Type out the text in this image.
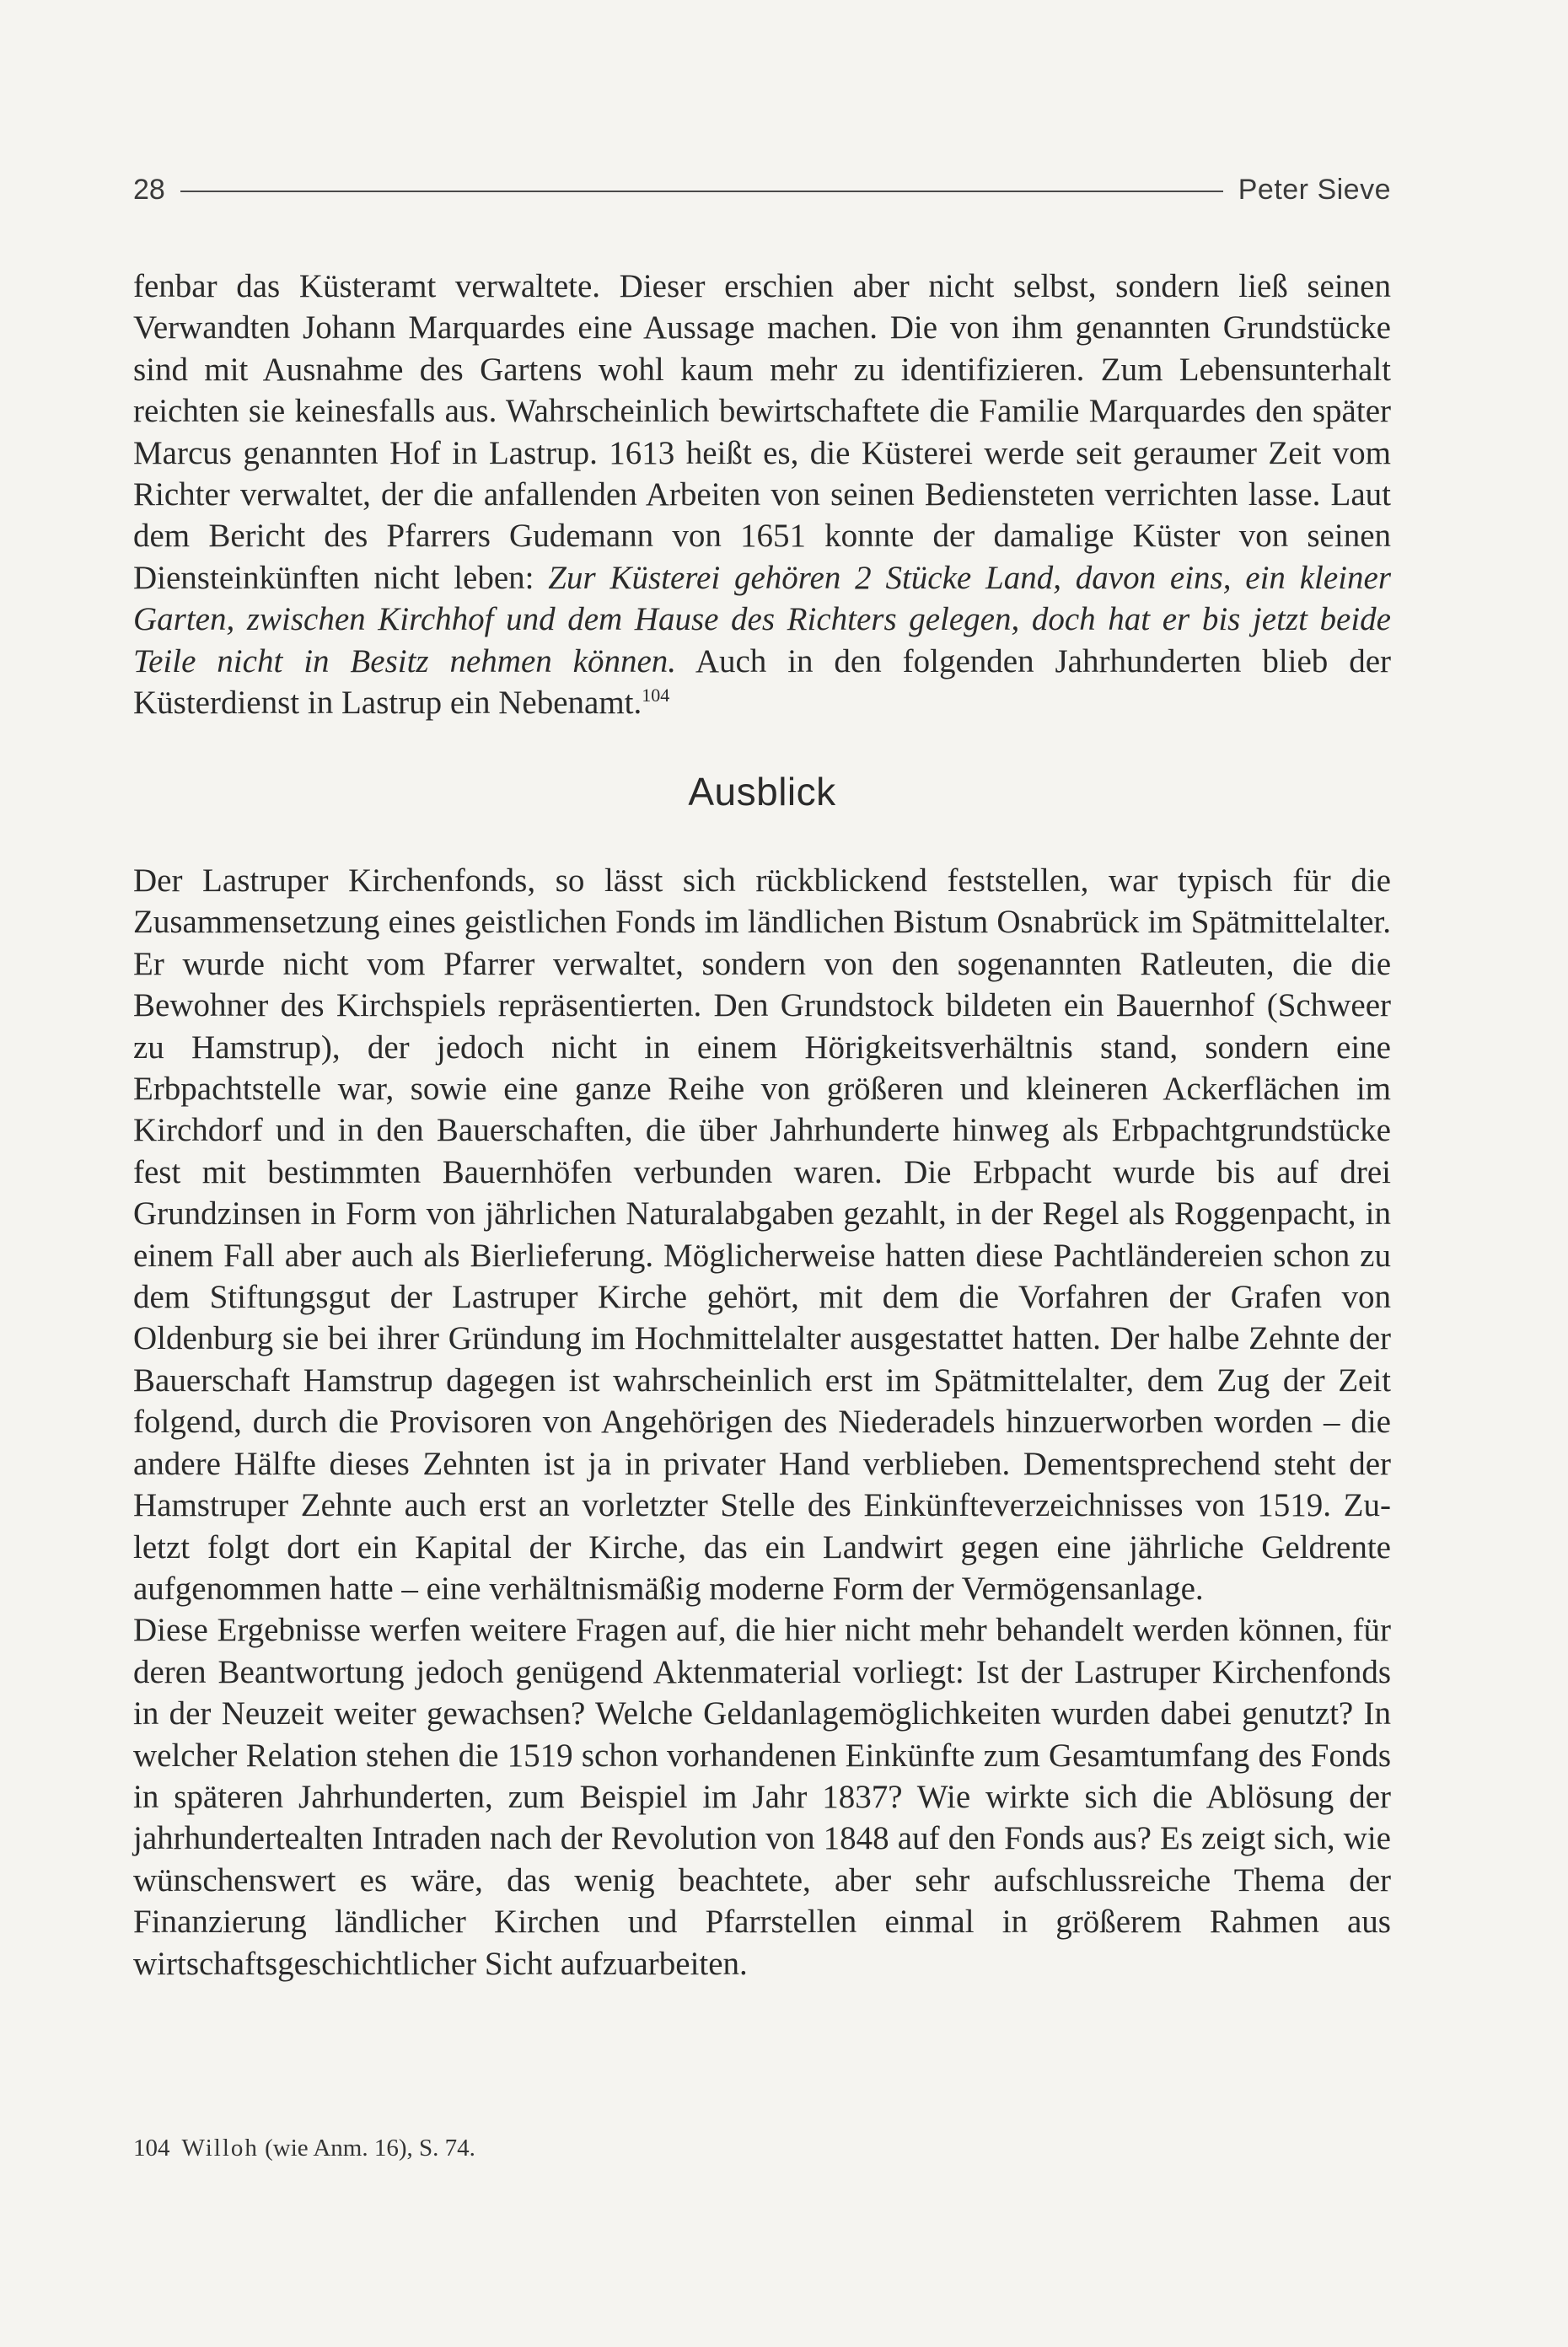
28	Peter Sieve

fenbar das Küsteramt verwaltete. Dieser erschien aber nicht selbst, sondern ließ seinen Verwandten Johann Marquardes eine Aussage machen. Die von ihm genannten Grundstücke sind mit Ausnahme des Gartens wohl kaum mehr zu identifizieren. Zum Lebensunterhalt reichten sie keinesfalls aus. Wahrscheinlich bewirtschaftete die Familie Marquardes den später Marcus genannten Hof in Lastrup. 1613 heißt es, die Küsterei werde seit geraumer Zeit vom Richter verwaltet, der die anfallenden Arbeiten von seinen Bediensteten verrichten lasse. Laut dem Bericht des Pfarrers Gudemann von 1651 konnte der damalige Küster von seinen Diensteinkünften nicht leben: Zur Küsterei gehören 2 Stücke Land, davon eins, ein kleiner Garten, zwischen Kirchhof und dem Hause des Richters gelegen, doch hat er bis jetzt beide Teile nicht in Besitz nehmen können. Auch in den folgenden Jahrhunderten blieb der Küsterdienst in Lastrup ein Nebenamt.$^{104}$

Ausblick

Der Lastruper Kirchenfonds, so lässt sich rückblickend feststellen, war typisch für die Zusammensetzung eines geistlichen Fonds im ländlichen Bistum Osnabrück im Spätmittelalter. Er wurde nicht vom Pfarrer verwaltet, sondern von den sogenannten Ratleuten, die die Bewohner des Kirchspiels repräsentierten. Den Grundstock bildeten ein Bauernhof (Schweer zu Hamstrup), der jedoch nicht in einem Hörigkeitsverhältnis stand, sondern eine Erbpachtstelle war, sowie eine ganze Reihe von größeren und kleineren Ackerflächen im Kirchdorf und in den Bauerschaften, die über Jahrhunderte hinweg als Erbpachtgrundstücke fest mit bestimmten Bauernhöfen verbunden waren. Die Erbpacht wurde bis auf drei Grundzinsen in Form von jährlichen Naturalabgaben gezahlt, in der Regel als Roggenpacht, in einem Fall aber auch als Bierlieferung. Möglicherweise hatten diese Pachtländereien schon zu dem Stiftungsgut der Lastruper Kirche gehört, mit dem die Vorfahren der Grafen von Oldenburg sie bei ihrer Gründung im Hochmittelalter ausgestattet hatten. Der halbe Zehnte der Bauerschaft Hamstrup dagegen ist wahrscheinlich erst im Spätmittelalter, dem Zug der Zeit folgend, durch die Provisoren von Angehörigen des Niederadels hinzuerworben worden – die andere Hälfte dieses Zehnten ist ja in privater Hand verblieben. Dementsprechend steht der Hamstruper Zehnte auch erst an vorletzter Stelle des Einkünfteverzeichnisses von 1519. Zuletzt folgt dort ein Kapital der Kirche, das ein Landwirt gegen eine jährliche Geldrente aufgenommen hatte – eine verhältnismäßig moderne Form der Vermögensanlage.

Diese Ergebnisse werfen weitere Fragen auf, die hier nicht mehr behandelt werden können, für deren Beantwortung jedoch genügend Aktenmaterial vorliegt: Ist der Lastruper Kirchenfonds in der Neuzeit weiter gewachsen? Welche Geldanlagemöglichkeiten wurden dabei genutzt? In welcher Relation stehen die 1519 schon vorhandenen Einkünfte zum Gesamtumfang des Fonds in späteren Jahrhunderten, zum Beispiel im Jahr 1837? Wie wirkte sich die Ablösung der jahrhundertealten Intraden nach der Revolution von 1848 auf den Fonds aus? Es zeigt sich, wie wünschenswert es wäre, das wenig beachtete, aber sehr aufschlussreiche Thema der Finanzierung ländlicher Kirchen und Pfarrstellen einmal in größerem Rahmen aus wirtschaftsgeschichtlicher Sicht aufzuarbeiten.

104 Willoh (wie Anm. 16), S. 74.
